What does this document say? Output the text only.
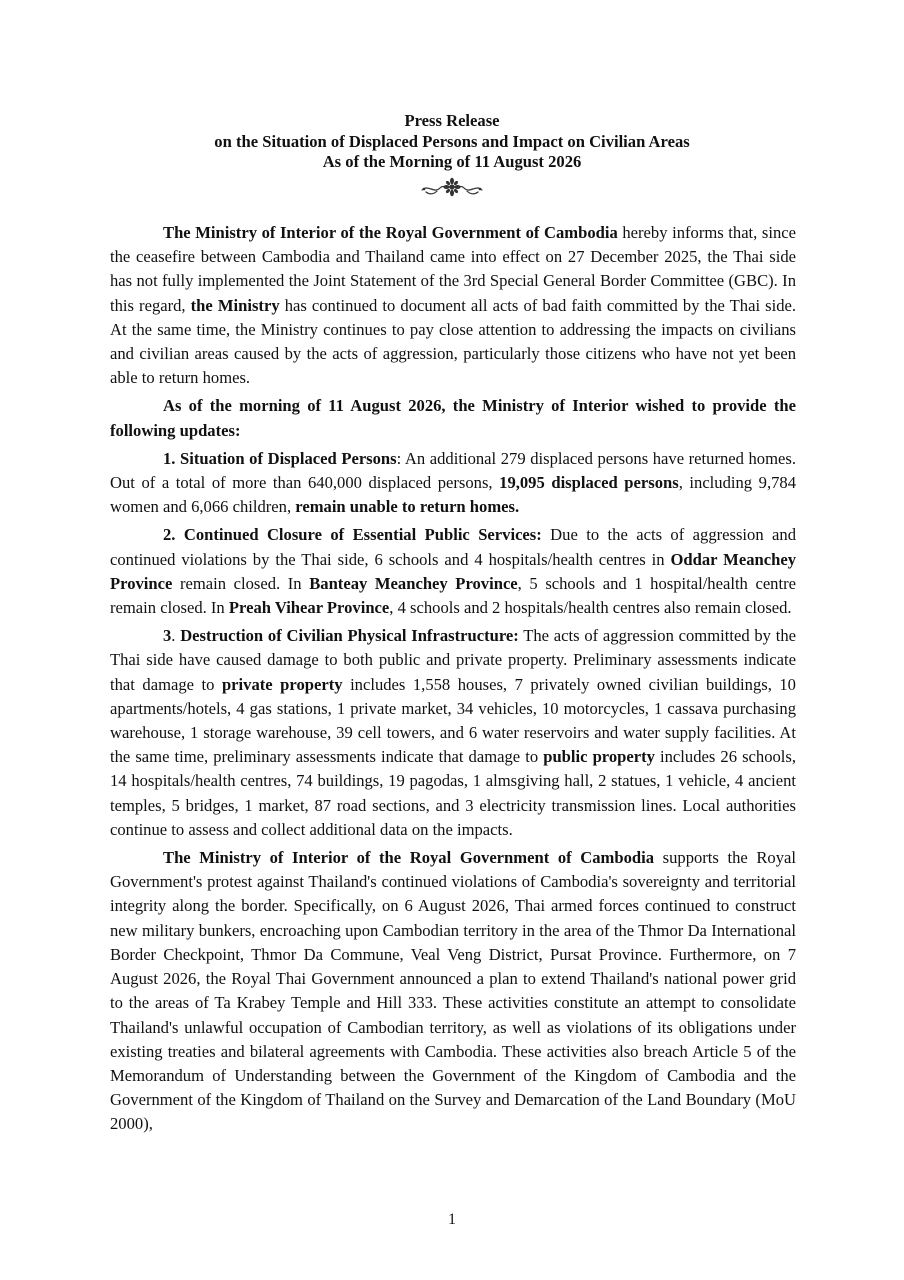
Press Release
on the Situation of Displaced Persons and Impact on Civilian Areas
As of the Morning of 11 August 2026

The Ministry of Interior of the Royal Government of Cambodia hereby informs that, since the ceasefire between Cambodia and Thailand came into effect on 27 December 2025, the Thai side has not fully implemented the Joint Statement of the 3rd Special General Border Committee (GBC). In this regard, the Ministry has continued to document all acts of bad faith committed by the Thai side. At the same time, the Ministry continues to pay close attention to addressing the impacts on civilians and civilian areas caused by the acts of aggression, particularly those citizens who have not yet been able to return homes.

As of the morning of 11 August 2026, the Ministry of Interior wished to provide the following updates:

1. Situation of Displaced Persons: An additional 279 displaced persons have returned homes. Out of a total of more than 640,000 displaced persons, 19,095 displaced persons, including 9,784 women and 6,066 children, remain unable to return homes.

2. Continued Closure of Essential Public Services: Due to the acts of aggression and continued violations by the Thai side, 6 schools and 4 hospitals/health centres in Oddar Meanchey Province remain closed. In Banteay Meanchey Province, 5 schools and 1 hospital/health centre remain closed. In Preah Vihear Province, 4 schools and 2 hospitals/health centres also remain closed.

3. Destruction of Civilian Physical Infrastructure: The acts of aggression committed by the Thai side have caused damage to both public and private property. Preliminary assessments indicate that damage to private property includes 1,558 houses, 7 privately owned civilian buildings, 10 apartments/hotels, 4 gas stations, 1 private market, 34 vehicles, 10 motorcycles, 1 cassava purchasing warehouse, 1 storage warehouse, 39 cell towers, and 6 water reservoirs and water supply facilities. At the same time, preliminary assessments indicate that damage to public property includes 26 schools, 14 hospitals/health centres, 74 buildings, 19 pagodas, 1 almsgiving hall, 2 statues, 1 vehicle, 4 ancient temples, 5 bridges, 1 market, 87 road sections, and 3 electricity transmission lines. Local authorities continue to assess and collect additional data on the impacts.

The Ministry of Interior of the Royal Government of Cambodia supports the Royal Government's protest against Thailand's continued violations of Cambodia's sovereignty and territorial integrity along the border. Specifically, on 6 August 2026, Thai armed forces continued to construct new military bunkers, encroaching upon Cambodian territory in the area of the Thmor Da International Border Checkpoint, Thmor Da Commune, Veal Veng District, Pursat Province. Furthermore, on 7 August 2026, the Royal Thai Government announced a plan to extend Thailand's national power grid to the areas of Ta Krabey Temple and Hill 333. These activities constitute an attempt to consolidate Thailand's unlawful occupation of Cambodian territory, as well as violations of its obligations under existing treaties and bilateral agreements with Cambodia. These activities also breach Article 5 of the Memorandum of Understanding between the Government of the Kingdom of Cambodia and the Government of the Kingdom of Thailand on the Survey and Demarcation of the Land Boundary (MoU 2000),

1
